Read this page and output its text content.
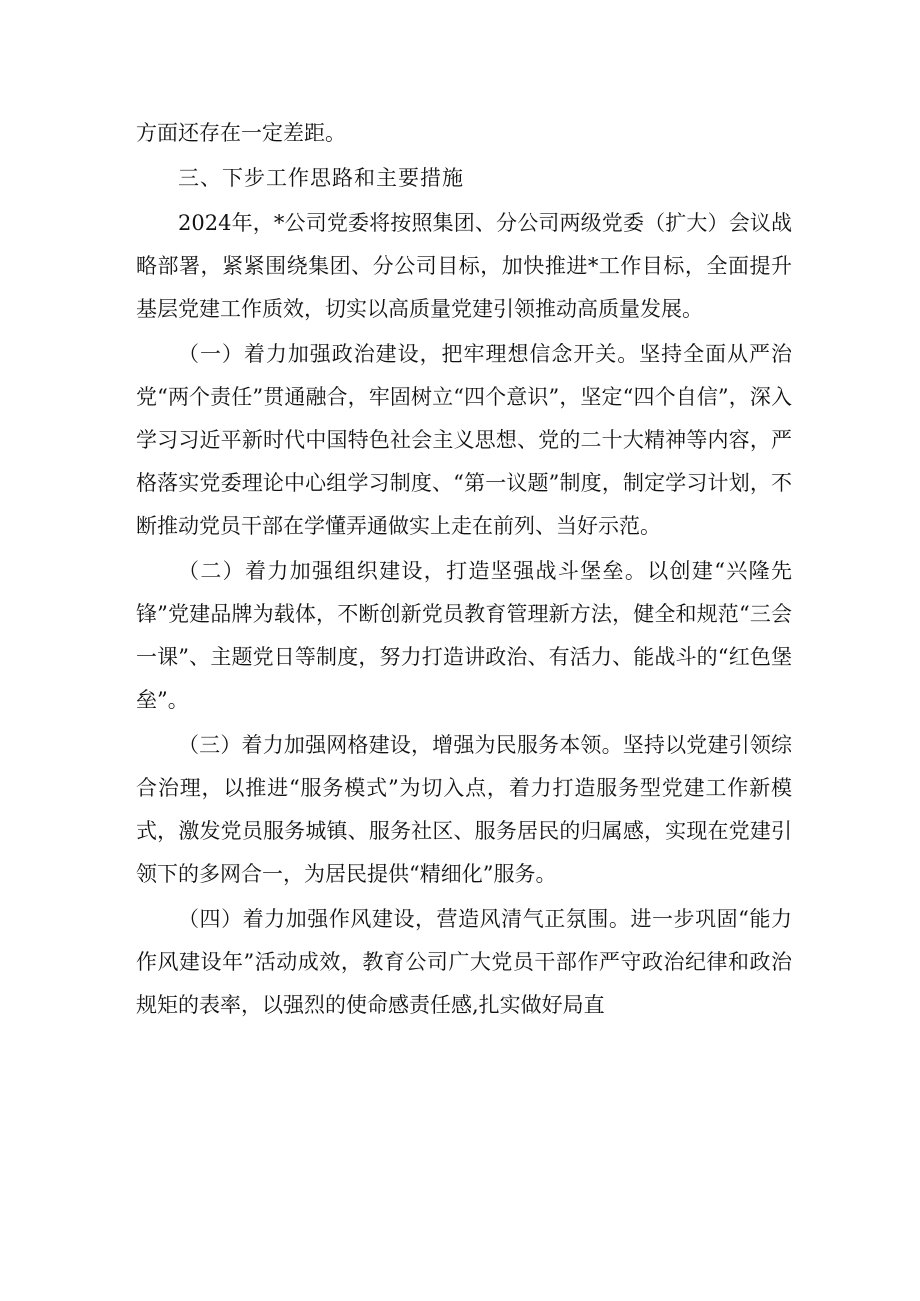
方面还存在一定差距。

三、下步工作思路和主要措施

2024年，*公司党委将按照集团、分公司两级党委（扩大）会议战略部署，紧紧围绕集团、分公司目标，加快推进*工作目标，全面提升基层党建工作质效，切实以高质量党建引领推动高质量发展。

（一）着力加强政治建设，把牢理想信念开关。坚持全面从严治党“两个责任”贯通融合，牢固树立“四个意识”，坚定“四个自信”，深入学习习近平新时代中国特色社会主义思想、党的二十大精神等内容，严格落实党委理论中心组学习制度、“第一议题”制度，制定学习计划，不断推动党员干部在学懂弄通做实上走在前列、当好示范。

（二）着力加强组织建设，打造坚强战斗堡垒。以创建“兴隆先锋”党建品牌为载体，不断创新党员教育管理新方法，健全和规范“三会一课”、主题党日等制度，努力打造讲政治、有活力、能战斗的“红色堡垒”。

（三）着力加强网格建设，增强为民服务本领。坚持以党建引领综合治理，以推进“服务模式”为切入点，着力打造服务型党建工作新模式，激发党员服务城镇、服务社区、服务居民的归属感，实现在党建引领下的多网合一，为居民提供“精细化”服务。

（四）着力加强作风建设，营造风清气正氛围。进一步巩固“能力作风建设年”活动成效，教育公司广大党员干部作严守政治纪律和政治规矩的表率，以强烈的使命感责任感,扎实做好局直
